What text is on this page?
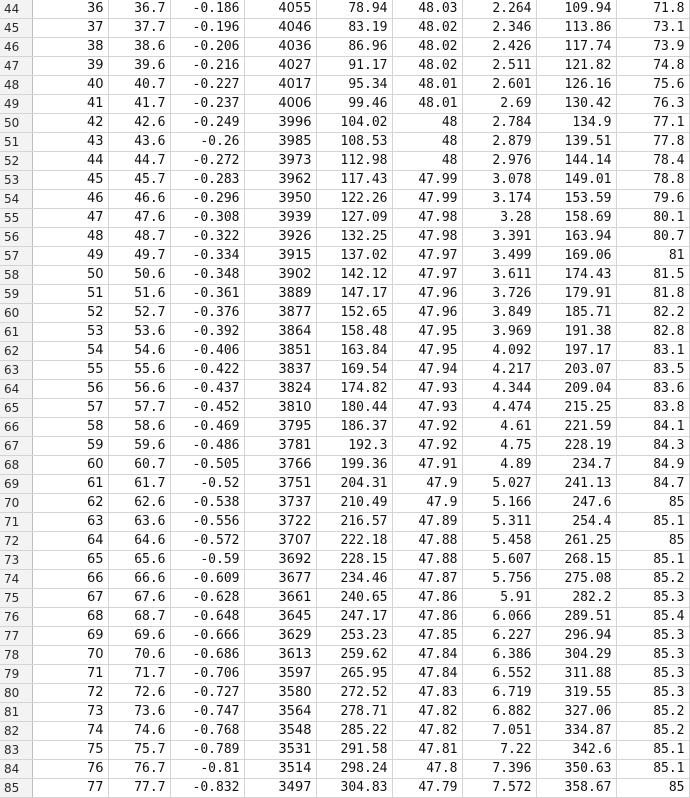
44	36	36.7	-0.186	4055	78.94	48.03	2.264	109.94	71.8
45	37	37.7	-0.196	4046	83.19	48.02	2.346	113.86	73.1
46	38	38.6	-0.206	4036	86.96	48.02	2.426	117.74	73.9
47	39	39.6	-0.216	4027	91.17	48.02	2.511	121.82	74.8
48	40	40.7	-0.227	4017	95.34	48.01	2.601	126.16	75.6
49	41	41.7	-0.237	4006	99.46	48.01	2.69	130.42	76.3
50	42	42.6	-0.249	3996	104.02	48	2.784	134.9	77.1
51	43	43.6	-0.26	3985	108.53	48	2.879	139.51	77.8
52	44	44.7	-0.272	3973	112.98	48	2.976	144.14	78.4
53	45	45.7	-0.283	3962	117.43	47.99	3.078	149.01	78.8
54	46	46.6	-0.296	3950	122.26	47.99	3.174	153.59	79.6
55	47	47.6	-0.308	3939	127.09	47.98	3.28	158.69	80.1
56	48	48.7	-0.322	3926	132.25	47.98	3.391	163.94	80.7
57	49	49.7	-0.334	3915	137.02	47.97	3.499	169.06	81
58	50	50.6	-0.348	3902	142.12	47.97	3.611	174.43	81.5
59	51	51.6	-0.361	3889	147.17	47.96	3.726	179.91	81.8
60	52	52.7	-0.376	3877	152.65	47.96	3.849	185.71	82.2
61	53	53.6	-0.392	3864	158.48	47.95	3.969	191.38	82.8
62	54	54.6	-0.406	3851	163.84	47.95	4.092	197.17	83.1
63	55	55.6	-0.422	3837	169.54	47.94	4.217	203.07	83.5
64	56	56.6	-0.437	3824	174.82	47.93	4.344	209.04	83.6
65	57	57.7	-0.452	3810	180.44	47.93	4.474	215.25	83.8
66	58	58.6	-0.469	3795	186.37	47.92	4.61	221.59	84.1
67	59	59.6	-0.486	3781	192.3	47.92	4.75	228.19	84.3
68	60	60.7	-0.505	3766	199.36	47.91	4.89	234.7	84.9
69	61	61.7	-0.52	3751	204.31	47.9	5.027	241.13	84.7
70	62	62.6	-0.538	3737	210.49	47.9	5.166	247.6	85
71	63	63.6	-0.556	3722	216.57	47.89	5.311	254.4	85.1
72	64	64.6	-0.572	3707	222.18	47.88	5.458	261.25	85
73	65	65.6	-0.59	3692	228.15	47.88	5.607	268.15	85.1
74	66	66.6	-0.609	3677	234.46	47.87	5.756	275.08	85.2
75	67	67.6	-0.628	3661	240.65	47.86	5.91	282.2	85.3
76	68	68.7	-0.648	3645	247.17	47.86	6.066	289.51	85.4
77	69	69.6	-0.666	3629	253.23	47.85	6.227	296.94	85.3
78	70	70.6	-0.686	3613	259.62	47.84	6.386	304.29	85.3
79	71	71.7	-0.706	3597	265.95	47.84	6.552	311.88	85.3
80	72	72.6	-0.727	3580	272.52	47.83	6.719	319.55	85.3
81	73	73.6	-0.747	3564	278.71	47.82	6.882	327.06	85.2
82	74	74.6	-0.768	3548	285.22	47.82	7.051	334.87	85.2
83	75	75.7	-0.789	3531	291.58	47.81	7.22	342.6	85.1
84	76	76.7	-0.81	3514	298.24	47.8	7.396	350.63	85.1
85	77	77.7	-0.832	3497	304.83	47.79	7.572	358.67	85
